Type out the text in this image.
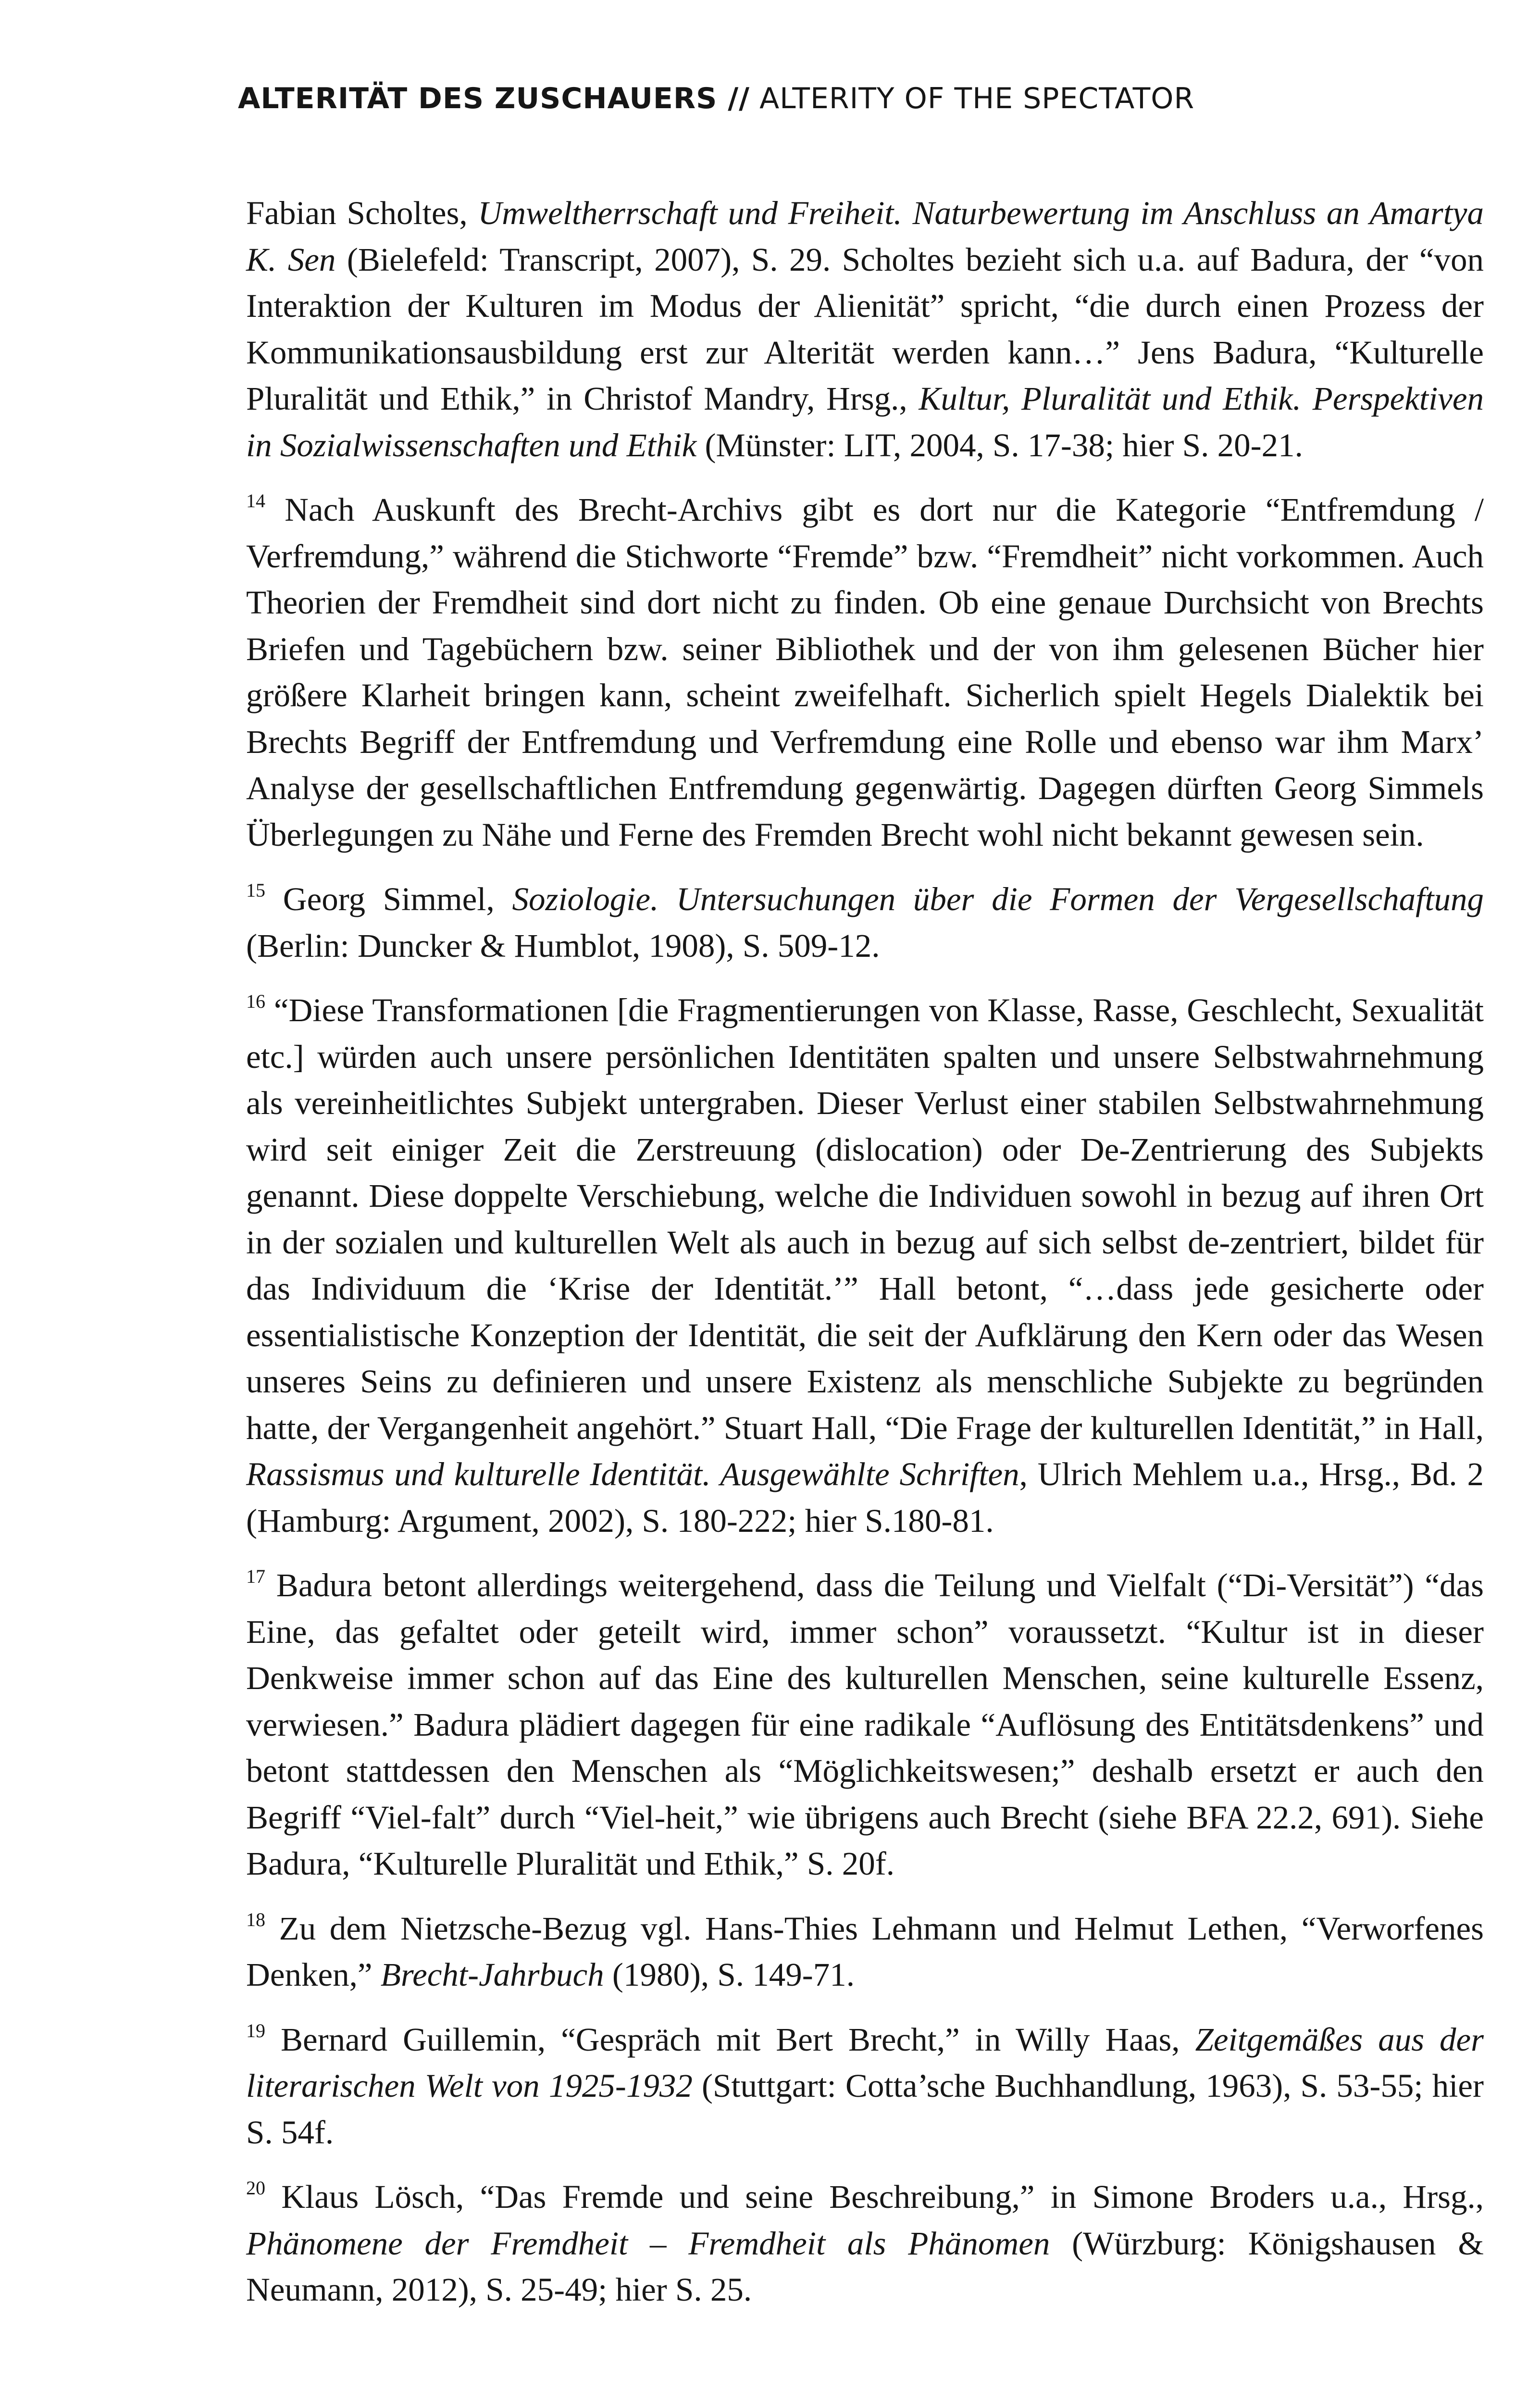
ALTERITÄT DES ZUSCHAUERS // ALTERITY OF THE SPECTATOR

Fabian Scholtes, Umweltherrschaft und Freiheit. Naturbewertung im Anschluss an Amartya K. Sen (Bielefeld: Transcript, 2007), S. 29. Scholtes bezieht sich u.a. auf Badura, der “von Interaktion der Kulturen im Modus der Alienität” spricht, “die durch einen Prozess der Kommunikationsausbildung erst zur Alterität werden kann…” Jens Badura, “Kulturelle Pluralität und Ethik,” in Christof Mandry, Hrsg., Kultur, Pluralität und Ethik. Perspektiven in Sozialwissenschaften und Ethik (Münster: LIT, 2004, S. 17-38; hier S. 20-21.

$^{14}$ Nach Auskunft des Brecht-Archivs gibt es dort nur die Kategorie “Entfremdung / Verfremdung,” während die Stichworte “Fremde” bzw. “Fremdheit” nicht vorkommen. Auch Theorien der Fremdheit sind dort nicht zu finden. Ob eine genaue Durchsicht von Brechts Briefen und Tagebüchern bzw. seiner Bibliothek und der von ihm gelesenen Bücher hier größere Klarheit bringen kann, scheint zweifelhaft. Sicherlich spielt Hegels Dialektik bei Brechts Begriff der Entfremdung und Verfremdung eine Rolle und ebenso war ihm Marx’ Analyse der gesellschaftlichen Entfremdung gegenwärtig. Dagegen dürften Georg Simmels Überlegungen zu Nähe und Ferne des Fremden Brecht wohl nicht bekannt gewesen sein.

$^{15}$ Georg Simmel, Soziologie. Untersuchungen über die Formen der Vergesellschaftung (Berlin: Duncker & Humblot, 1908), S. 509-12.

$^{16}$ “Diese Transformationen [die Fragmentierungen von Klasse, Rasse, Geschlecht, Sexualität etc.] würden auch unsere persönlichen Identitäten spalten und unsere Selbstwahrnehmung als vereinheitlichtes Subjekt untergraben. Dieser Verlust einer stabilen Selbstwahrnehmung wird seit einiger Zeit die Zerstreuung (dislocation) oder De-Zentrierung des Subjekts genannt. Diese doppelte Verschiebung, welche die Individuen sowohl in bezug auf ihren Ort in der sozialen und kulturellen Welt als auch in bezug auf sich selbst de-zentriert, bildet für das Individuum die ‘Krise der Identität.’” Hall betont, “…dass jede gesicherte oder essentialistische Konzeption der Identität, die seit der Aufklärung den Kern oder das Wesen unseres Seins zu definieren und unsere Existenz als menschliche Subjekte zu begründen hatte, der Vergangenheit angehört.” Stuart Hall, “Die Frage der kulturellen Identität,” in Hall, Rassismus und kulturelle Identität. Ausgewählte Schriften, Ulrich Mehlem u.a., Hrsg., Bd. 2 (Hamburg: Argument, 2002), S. 180-222; hier S.180-81.

$^{17}$ Badura betont allerdings weitergehend, dass die Teilung und Vielfalt (“Di-Versität”) “das Eine, das gefaltet oder geteilt wird, immer schon” voraussetzt. “Kultur ist in dieser Denkweise immer schon auf das Eine des kulturellen Menschen, seine kulturelle Essenz, verwiesen.” Badura plädiert dagegen für eine radikale “Auflösung des Entitätsdenkens” und betont stattdessen den Menschen als “Möglichkeitswesen;” deshalb ersetzt er auch den Begriff “Viel-falt” durch “Viel-heit,” wie übrigens auch Brecht (siehe BFA 22.2, 691). Siehe Badura, “Kulturelle Pluralität und Ethik,” S. 20f.

$^{18}$ Zu dem Nietzsche-Bezug vgl. Hans-Thies Lehmann und Helmut Lethen, “Verworfenes Denken,” Brecht-Jahrbuch (1980), S. 149-71.

$^{19}$ Bernard Guillemin, “Gespräch mit Bert Brecht,” in Willy Haas, Zeitgemäßes aus der literarischen Welt von 1925-1932 (Stuttgart: Cotta’sche Buchhandlung, 1963), S. 53-55; hier S. 54f.

$^{20}$ Klaus Lösch, “Das Fremde und seine Beschreibung,” in Simone Broders u.a., Hrsg., Phänomene der Fremdheit – Fremdheit als Phänomen (Würzburg: Königshausen & Neumann, 2012), S. 25-49; hier S. 25.
